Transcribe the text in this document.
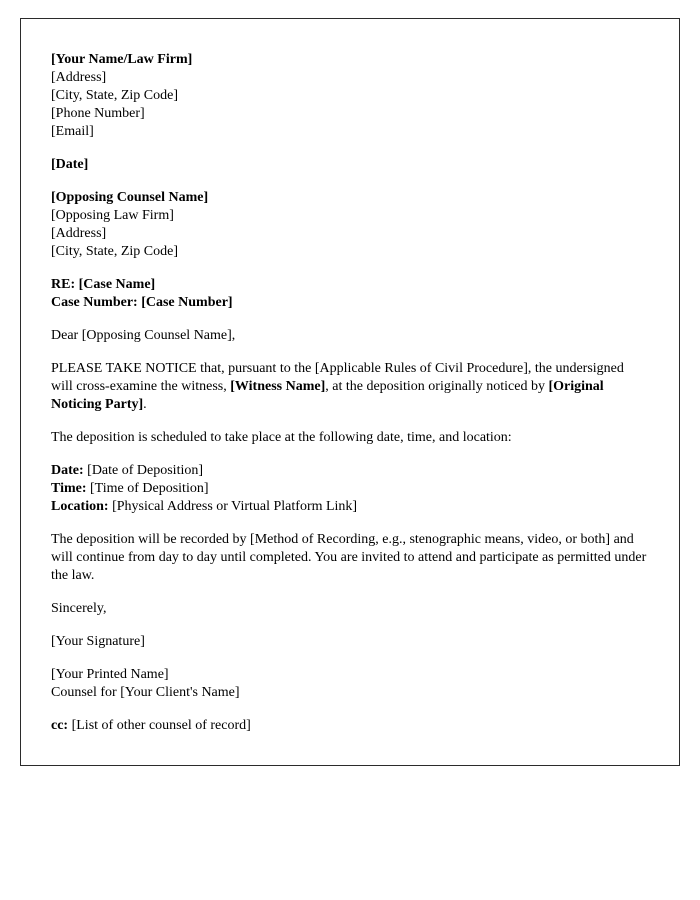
[Your Name/Law Firm]
[Address]
[City, State, Zip Code]
[Phone Number]
[Email]
[Date]
[Opposing Counsel Name]
[Opposing Law Firm]
[Address]
[City, State, Zip Code]
RE: [Case Name]
Case Number: [Case Number]
Dear [Opposing Counsel Name],
PLEASE TAKE NOTICE that, pursuant to the [Applicable Rules of Civil Procedure], the undersigned will cross-examine the witness, [Witness Name], at the deposition originally noticed by [Original Noticing Party].
The deposition is scheduled to take place at the following date, time, and location:
Date: [Date of Deposition]
Time: [Time of Deposition]
Location: [Physical Address or Virtual Platform Link]
The deposition will be recorded by [Method of Recording, e.g., stenographic means, video, or both] and will continue from day to day until completed. You are invited to attend and participate as permitted under the law.
Sincerely,
[Your Signature]
[Your Printed Name]
Counsel for [Your Client's Name]
cc: [List of other counsel of record]
